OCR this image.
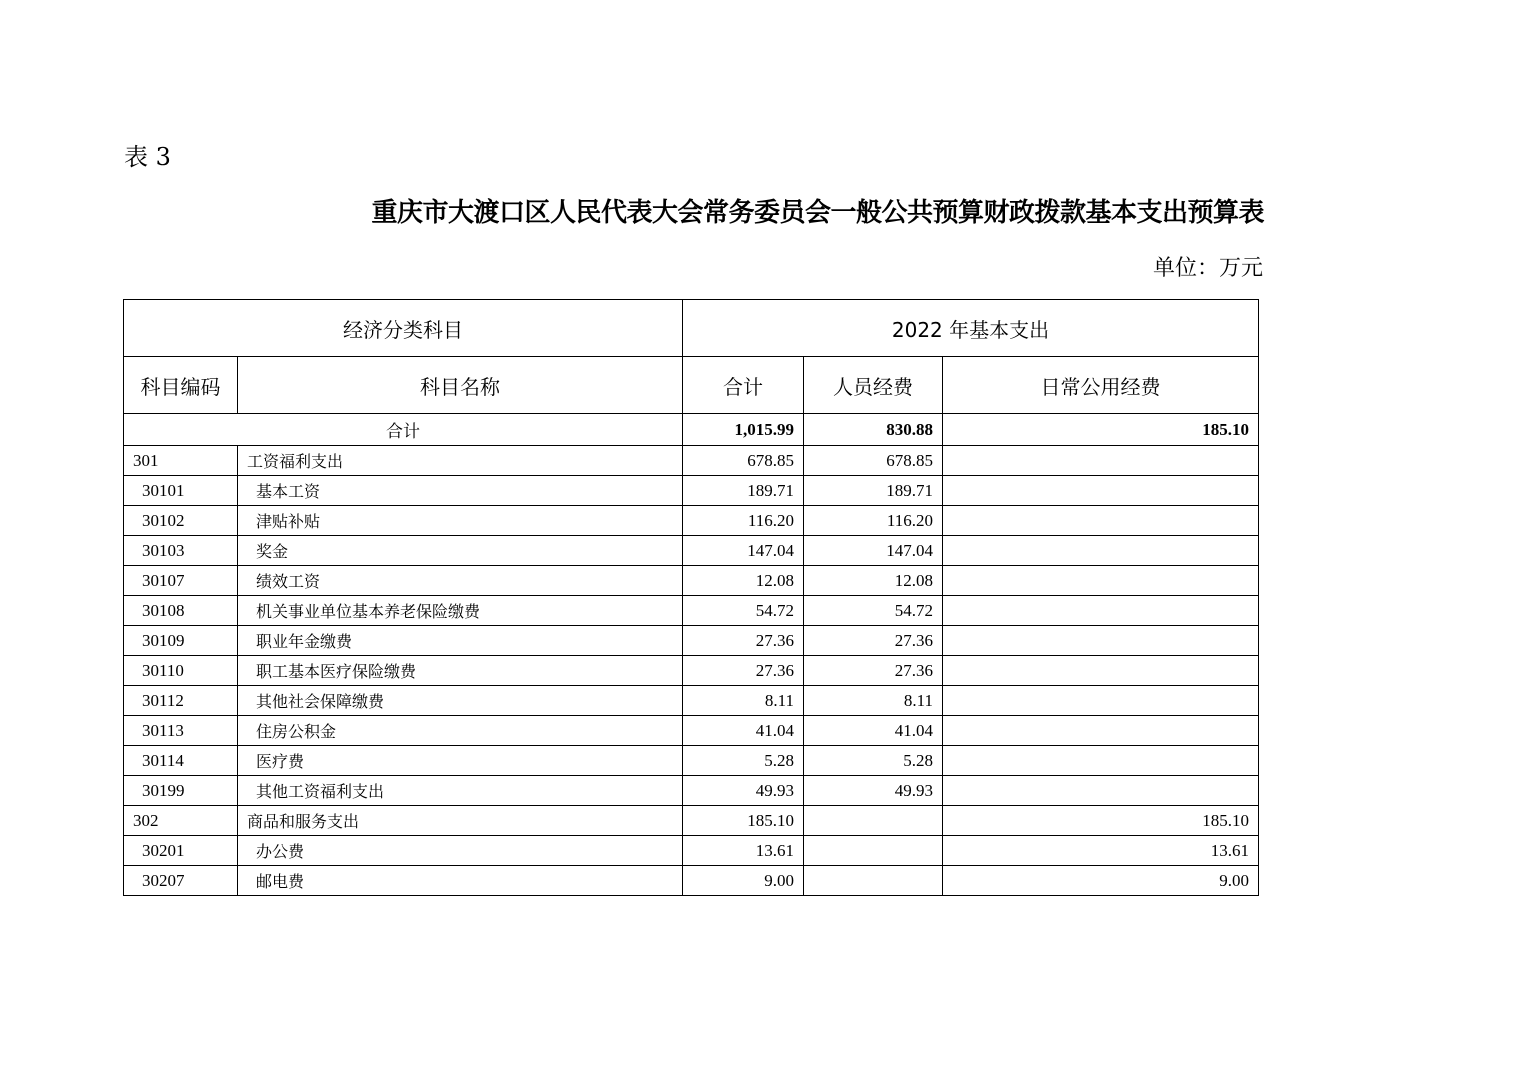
表 3
重庆市大渡口区人民代表大会常务委员会一般公共预算财政拨款基本支出预算表
单位：万元
经济分类科目		2022 年基本支出		
科目编码	科目名称	合计	人员经费	日常公用经费
合计		1,015.99	830.88	185.10
301	工资福利支出	678.85	678.85	
30101	基本工资	189.71	189.71	
30102	津贴补贴	116.20	116.20	
30103	奖金	147.04	147.04	
30107	绩效工资	12.08	12.08	
30108	机关事业单位基本养老保险缴费	54.72	54.72	
30109	职业年金缴费	27.36	27.36	
30110	职工基本医疗保险缴费	27.36	27.36	
30112	其他社会保障缴费	8.11	8.11	
30113	住房公积金	41.04	41.04	
30114	医疗费	5.28	5.28	
30199	其他工资福利支出	49.93	49.93	
302	商品和服务支出	185.10		185.10
30201	办公费	13.61		13.61
30207	邮电费	9.00		9.00
